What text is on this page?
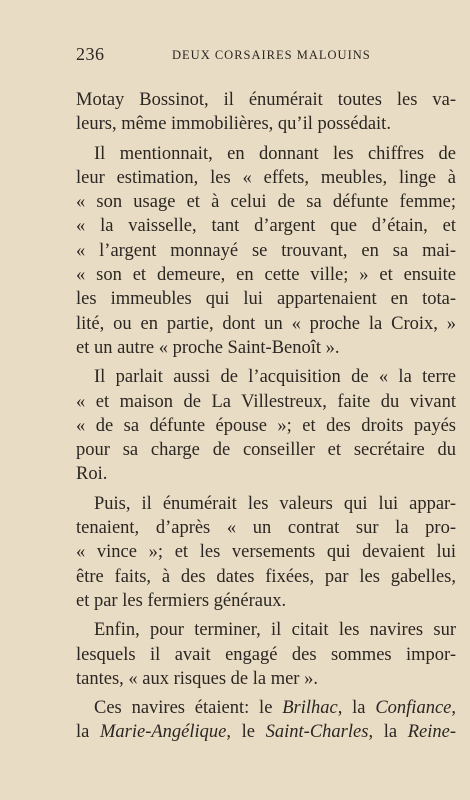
236	DEUX CORSAIRES MALOUINS
Motay Bossinot, il énumérait toutes les va-
leurs, même immobilières, qu’il possédait.
Il mentionnait, en donnant les chiffres de
leur estimation, les « effets, meubles, linge à
« son usage et à celui de sa défunte femme;
« la vaisselle, tant d’argent que d’étain, et
« l’argent monnayé se trouvant, en sa mai-
« son et demeure, en cette ville; » et ensuite
les immeubles qui lui appartenaient en tota-
lité, ou en partie, dont un « proche la Croix, »
et un autre « proche Saint-Benoît ».
Il parlait aussi de l’acquisition de « la terre
« et maison de La Villestreux, faite du vivant
« de sa défunte épouse »; et des droits payés
pour sa charge de conseiller et secrétaire du
Roi.
Puis, il énumérait les valeurs qui lui appar-
tenaient, d’après « un contrat sur la pro-
« vince »; et les versements qui devaient lui
être faits, à des dates fixées, par les gabelles,
et par les fermiers généraux.
Enfin, pour terminer, il citait les navires sur
lesquels il avait engagé des sommes impor-
tantes, « aux risques de la mer ».
Ces navires étaient: le Brilhac, la Confiance,
la Marie-Angélique, le Saint-Charles, la Reine-
